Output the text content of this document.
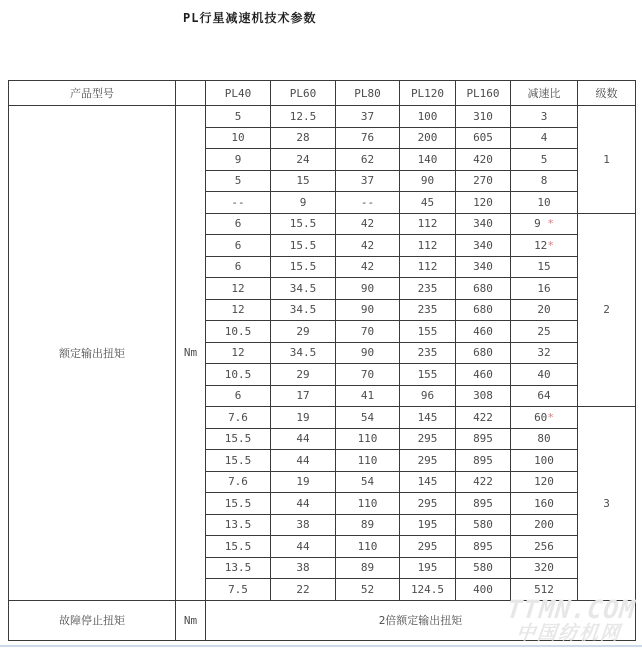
PL行星减速机技术参数
产品型号		PL40	PL60	PL80	PL120	PL160	减速比	级数
额定输出扭矩	Nm	5	12.5	37	100	310	3	1
		10	28	76	200	605	4	
		9	24	62	140	420	5	
		5	15	37	90	270	8	
		--	9	--	45	120	10	
		6	15.5	42	112	340	9 *	2
		6	15.5	42	112	340	12*	
		6	15.5	42	112	340	15	
		12	34.5	90	235	680	16	
		12	34.5	90	235	680	20	
		10.5	29	70	155	460	25	
		12	34.5	90	235	680	32	
		10.5	29	70	155	460	40	
		6	17	41	96	308	64	
		7.6	19	54	145	422	60*	3
		15.5	44	110	295	895	80	
		15.5	44	110	295	895	100	
		7.6	19	54	145	422	120	
		15.5	44	110	295	895	160	
		13.5	38	89	195	580	200	
		15.5	44	110	295	895	256	
		13.5	38	89	195	580	320	
		7.5	22	52	124.5	400	512	
故障停止扭矩	Nm	2倍额定输出扭矩						TTMN.COM
中国纺机网
